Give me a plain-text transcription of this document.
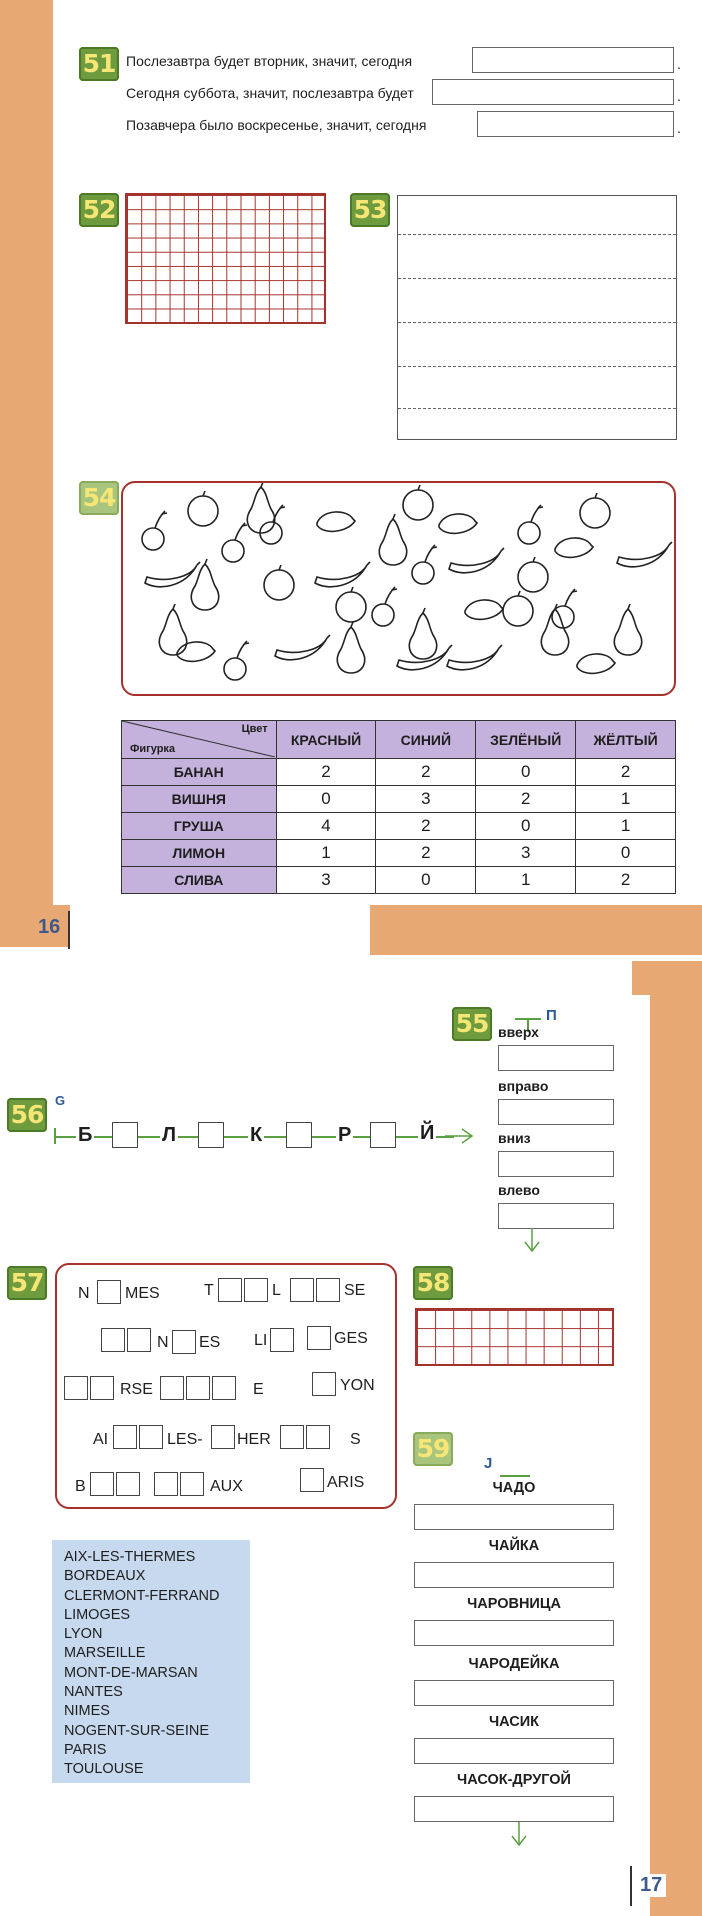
16
51 Послезавтра будет вторник, значит, сегодня	.
Сегодня суббота, значит, послезавтра будет	.
Позавчера было воскресенье, значит, сегодня	.
52	53
54
Цвет
Фигурка	КРАСНЫЙ	СИНИЙ	ЗЕЛЁНЫЙ	ЖЁЛТЫЙ
БАНАН	2	2	0	2
ВИШНЯ	0	3	2	1
ГРУША	4	2	0	1
ЛИМОН	1	2	3	0
СЛИВА	3	0	1	2
17
55	П
вверх
вправо
вниз
влево
56 G
Б	Л	К	Р	Й
57 N MES	T	L	SE
N ES LI	GES
RSE	E	YON
AI	LES- HER	S
B	AUX	ARIS
AIX-LES-THERMES
BORDEAUX
CLERMONT-FERRAND
LIMOGES
LYON
MARSEILLE
MONT-DE-MARSAN
NANTES
NIMES
NOGENT-SUR-SEINE
PARIS
TOULOUSE
58
59
J
ЧАДО
ЧАЙКА
ЧАРОВНИЦА
ЧАРОДЕЙКА
ЧАСИК
ЧАСОК-ДРУГОЙ
